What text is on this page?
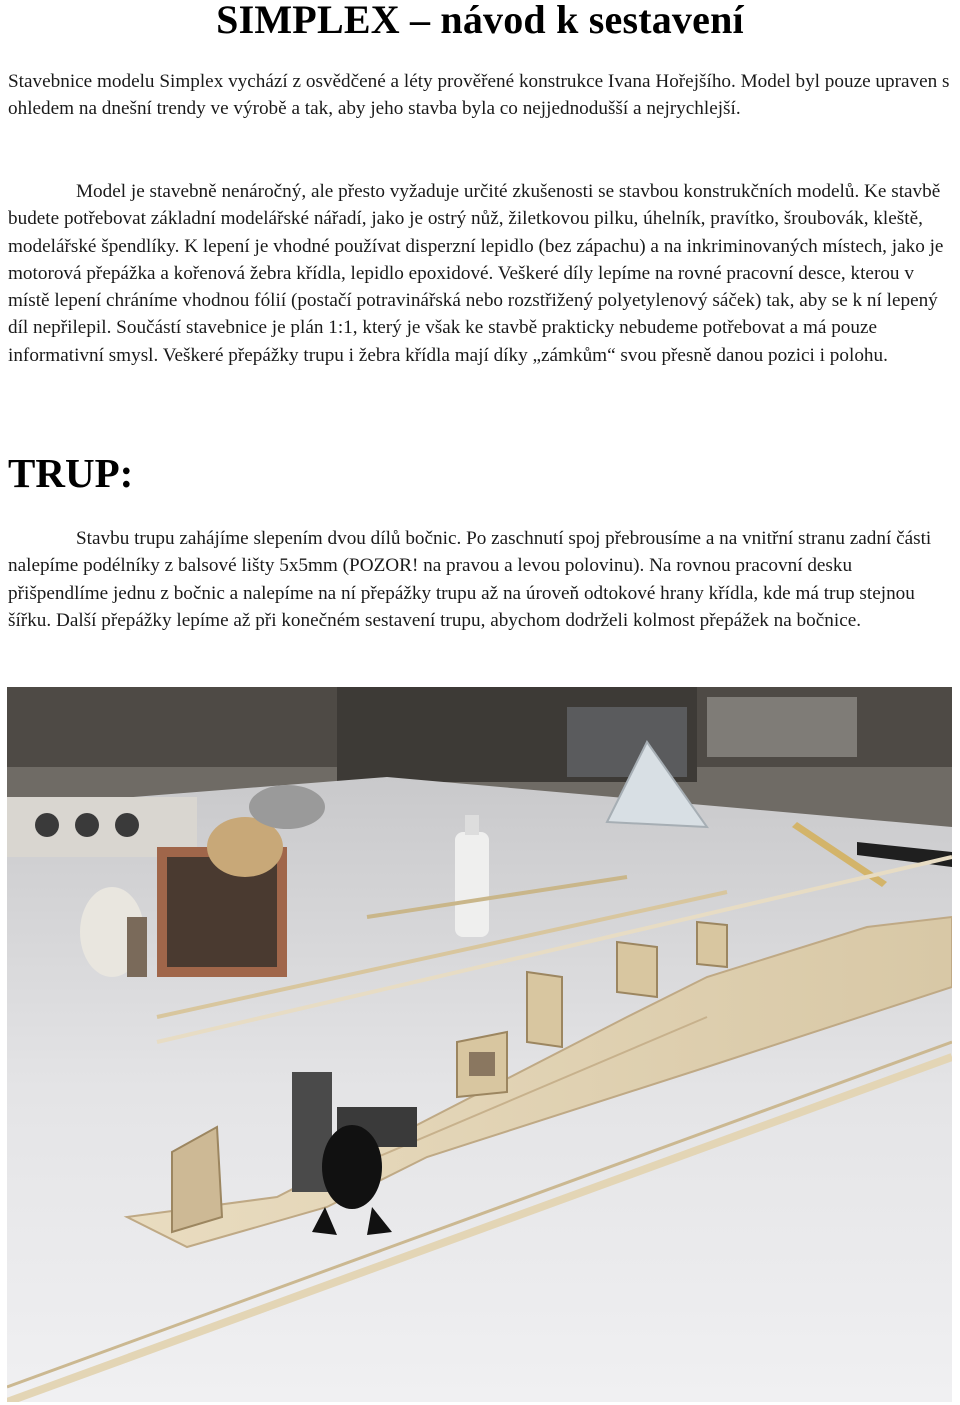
SIMPLEX – návod k sestavení

Stavebnice modelu Simplex vychází z osvědčené a léty prověřené konstrukce Ivana Hořejšího. Model byl pouze upraven s ohledem na dnešní trendy ve výrobě a tak, aby jeho stavba byla co nejjednodušší a nejrychlejší.

Model je stavebně nenáročný, ale přesto vyžaduje určité zkušenosti se stavbou konstrukčních modelů. Ke stavbě budete potřebovat základní modelářské nářadí, jako je ostrý nůž, žiletkovou pilku, úhelník, pravítko, šroubovák, kleště, modelářské špendlíky. K lepení je vhodné používat disperzní lepidlo (bez zápachu) a na inkriminovaných místech, jako je motorová přepážka a kořenová žebra křídla, lepidlo epoxidové. Veškeré díly lepíme na rovné pracovní desce, kterou v místě lepení chráníme vhodnou fólií (postačí potravinářská nebo rozstřižený polyetylenový sáček) tak, aby se k ní lepený díl nepřilepil. Součástí stavebnice je plán 1:1, který je však ke stavbě prakticky nebudeme potřebovat a má pouze informativní smysl. Veškeré přepážky trupu i žebra křídla mají díky „zámkům“ svou přesně danou pozici i polohu.

TRUP:

Stavbu trupu zahájíme slepením dvou dílů bočnic. Po zaschnutí spoj přebrousíme a na vnitřní stranu zadní části nalepíme podélníky z balsové lišty 5x5mm (POZOR! na pravou a levou polovinu). Na rovnou pracovní desku přišpendlíme jednu z bočnic a nalepíme na ní přepážky trupu až na úroveň odtokové hrany křídla, kde má trup stejnou šířku. Další přepážky lepíme až při konečném sestavení trupu, abychom dodrželi kolmost přepážek na bočnice.
